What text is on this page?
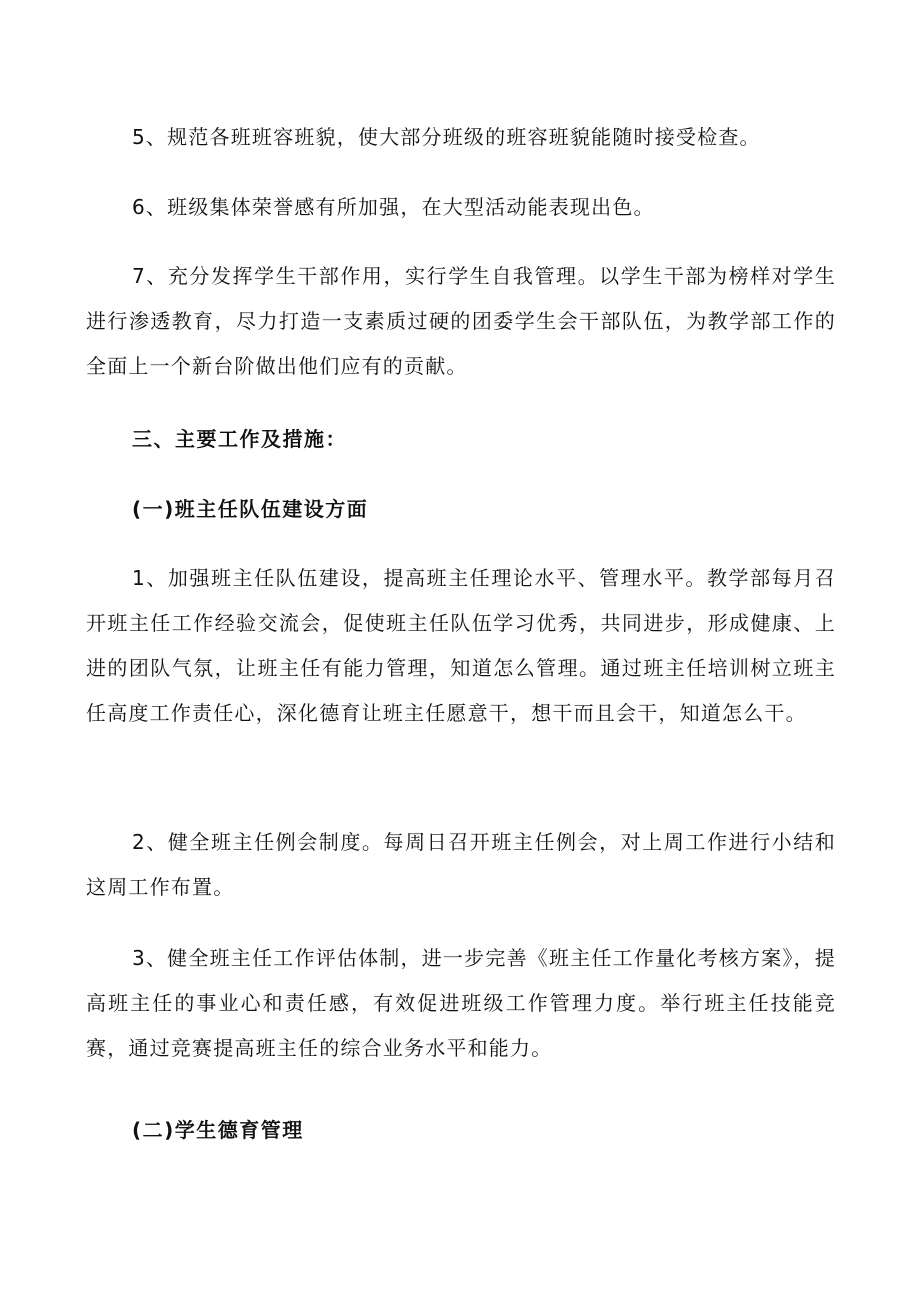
5、规范各班班容班貌，使大部分班级的班容班貌能随时接受检查。

6、班级集体荣誉感有所加强，在大型活动能表现出色。

7、充分发挥学生干部作用，实行学生自我管理。以学生干部为榜样对学生进行渗透教育，尽力打造一支素质过硬的团委学生会干部队伍，为教学部工作的全面上一个新台阶做出他们应有的贡献。

三、主要工作及措施：

(一)班主任队伍建设方面

1、加强班主任队伍建设，提高班主任理论水平、管理水平。教学部每月召开班主任工作经验交流会，促使班主任队伍学习优秀，共同进步，形成健康、上进的团队气氛，让班主任有能力管理，知道怎么管理。通过班主任培训树立班主任高度工作责任心，深化德育让班主任愿意干，想干而且会干，知道怎么干。

2、健全班主任例会制度。每周日召开班主任例会，对上周工作进行小结和这周工作布置。

3、健全班主任工作评估体制，进一步完善《班主任工作量化考核方案》，提高班主任的事业心和责任感，有效促进班级工作管理力度。举行班主任技能竞赛，通过竞赛提高班主任的综合业务水平和能力。

(二)学生德育管理
